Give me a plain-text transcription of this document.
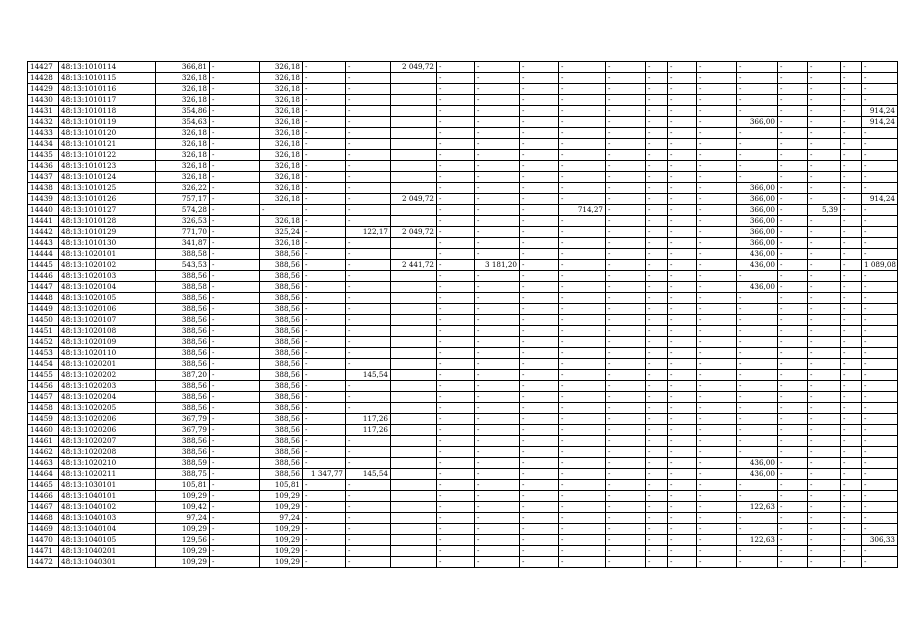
14427	48:13:1010114	366,81	-	326,18	-	-	2 049,72	-	-	-	-	-	-	-	-	-	-	-	-	-
14428	48:13:1010115	326,18	-	326,18	-	-		-	-	-	-	-	-	-	-	-	-	-	-	-
14429	48:13:1010116	326,18	-	326,18	-	-		-	-	-	-	-	-	-	-	-	-	-	-	-
14430	48:13:1010117	326,18	-	326,18	-	-		-	-	-	-	-	-	-	-	-	-	-	-	-
14431	48:13:1010118	354,86	-	326,18	-	-		-	-	-	-	-	-	-	-	-	-	-	-	914,24
14432	48:13:1010119	354,63	-	326,18	-	-		-	-	-	-	-	-	-	-	366,00	-	-	-	914,24
14433	48:13:1010120	326,18	-	326,18	-	-		-	-	-	-	-	-	-	-	-	-	-	-	-
14434	48:13:1010121	326,18	-	326,18	-	-		-	-	-	-	-	-	-	-	-	-	-	-	-
14435	48:13:1010122	326,18	-	326,18	-	-		-	-	-	-	-	-	-	-	-	-	-	-	-
14436	48:13:1010123	326,18	-	326,18	-	-		-	-	-	-	-	-	-	-	-	-	-	-	-
14437	48:13:1010124	326,18	-	326,18	-	-		-	-	-	-	-	-	-	-	-	-	-	-	-
14438	48:13:1010125	326,22	-	326,18	-	-		-	-	-	-	-	-	-	-	366,00	-	-	-	-
14439	48:13:1010126	757,17	-	326,18	-	-	2 049,72	-	-	-	-	-	-	-	-	366,00	-	-	-	914,24
14440	48:13:1010127	574,28	-	-	-	-		-	-	-	714,27	-	-	-	-	366,00	-	5,39	-	-
14441	48:13:1010128	326,53	-	326,18	-	-		-	-	-	-	-	-	-	-	366,00	-	-	-	-
14442	48:13:1010129	771,70	-	325,24	-	122,17	2 049,72	-	-	-	-	-	-	-	-	366,00	-	-	-	-
14443	48:13:1010130	341,87	-	326,18	-	-		-	-	-	-	-	-	-	-	366,00	-	-	-	-
14444	48:13:1020101	388,58	-	388,56	-	-		-	-	-	-	-	-	-	-	436,00	-	-	-	-
14445	48:13:1020102	543,53	-	388,56	-	-	2 441,72	-	3 181,20	-	-	-	-	-	-	436,00	-	-	-	1 089,08
14446	48:13:1020103	388,56	-	388,56	-	-		-	-	-	-	-	-	-	-	-	-	-	-	-
14447	48:13:1020104	388,58	-	388,56	-	-		-	-	-	-	-	-	-	-	436,00	-	-	-	-
14448	48:13:1020105	388,56	-	388,56	-	-		-	-	-	-	-	-	-	-	-	-	-	-	-
14449	48:13:1020106	388,56	-	388,56	-	-		-	-	-	-	-	-	-	-	-	-	-	-	-
14450	48:13:1020107	388,56	-	388,56	-	-		-	-	-	-	-	-	-	-	-	-	-	-	-
14451	48:13:1020108	388,56	-	388,56	-	-		-	-	-	-	-	-	-	-	-	-	-	-	-
14452	48:13:1020109	388,56	-	388,56	-	-		-	-	-	-	-	-	-	-	-	-	-	-	-
14453	48:13:1020110	388,56	-	388,56	-	-		-	-	-	-	-	-	-	-	-	-	-	-	-
14454	48:13:1020201	388,56	-	388,56	-	-		-	-	-	-	-	-	-	-	-	-	-	-	-
14455	48:13:1020202	387,20	-	388,56	-	145,54		-	-	-	-	-	-	-	-	-	-	-	-	-
14456	48:13:1020203	388,56	-	388,56	-	-		-	-	-	-	-	-	-	-	-	-	-	-	-
14457	48:13:1020204	388,56	-	388,56	-	-		-	-	-	-	-	-	-	-	-	-	-	-	-
14458	48:13:1020205	388,56	-	388,56	-	-		-	-	-	-	-	-	-	-	-	-	-	-	-
14459	48:13:1020206	367,79	-	388,56	-	117,26		-	-	-	-	-	-	-	-	-	-	-	-	-
14460	48:13:1020206	367,79	-	388,56	-	117,26		-	-	-	-	-	-	-	-	-	-	-	-	-
14461	48:13:1020207	388,56	-	388,56	-	-		-	-	-	-	-	-	-	-	-	-	-	-	-
14462	48:13:1020208	388,56	-	388,56	-	-		-	-	-	-	-	-	-	-	-	-	-	-	-
14463	48:13:1020210	388,59	-	388,56	-	-		-	-	-	-	-	-	-	-	436,00	-	-	-	-
14464	48:13:1020211	388,75	-	388,56	1 347,77	145,54		-	-	-	-	-	-	-	-	436,00	-	-	-	-
14465	48:13:1030101	105,81	-	105,81	-	-		-	-	-	-	-	-	-	-	-	-	-	-	-
14466	48:13:1040101	109,29	-	109,29	-	-		-	-	-	-	-	-	-	-	-	-	-	-	-
14467	48:13:1040102	109,42	-	109,29	-	-		-	-	-	-	-	-	-	-	122,63	-	-	-	-
14468	48:13:1040103	97,24	-	97,24	-	-		-	-	-	-	-	-	-	-	-	-	-	-	-
14469	48:13:1040104	109,29	-	109,29	-	-		-	-	-	-	-	-	-	-	-	-	-	-	-
14470	48:13:1040105	129,56	-	109,29	-	-		-	-	-	-	-	-	-	-	122,63	-	-	-	306,33
14471	48:13:1040201	109,29	-	109,29	-	-		-	-	-	-	-	-	-	-	-	-	-	-	-
14472	48:13:1040301	109,29	-	109,29	-	-		-	-	-	-	-	-	-	-	-	-	-	-	-
